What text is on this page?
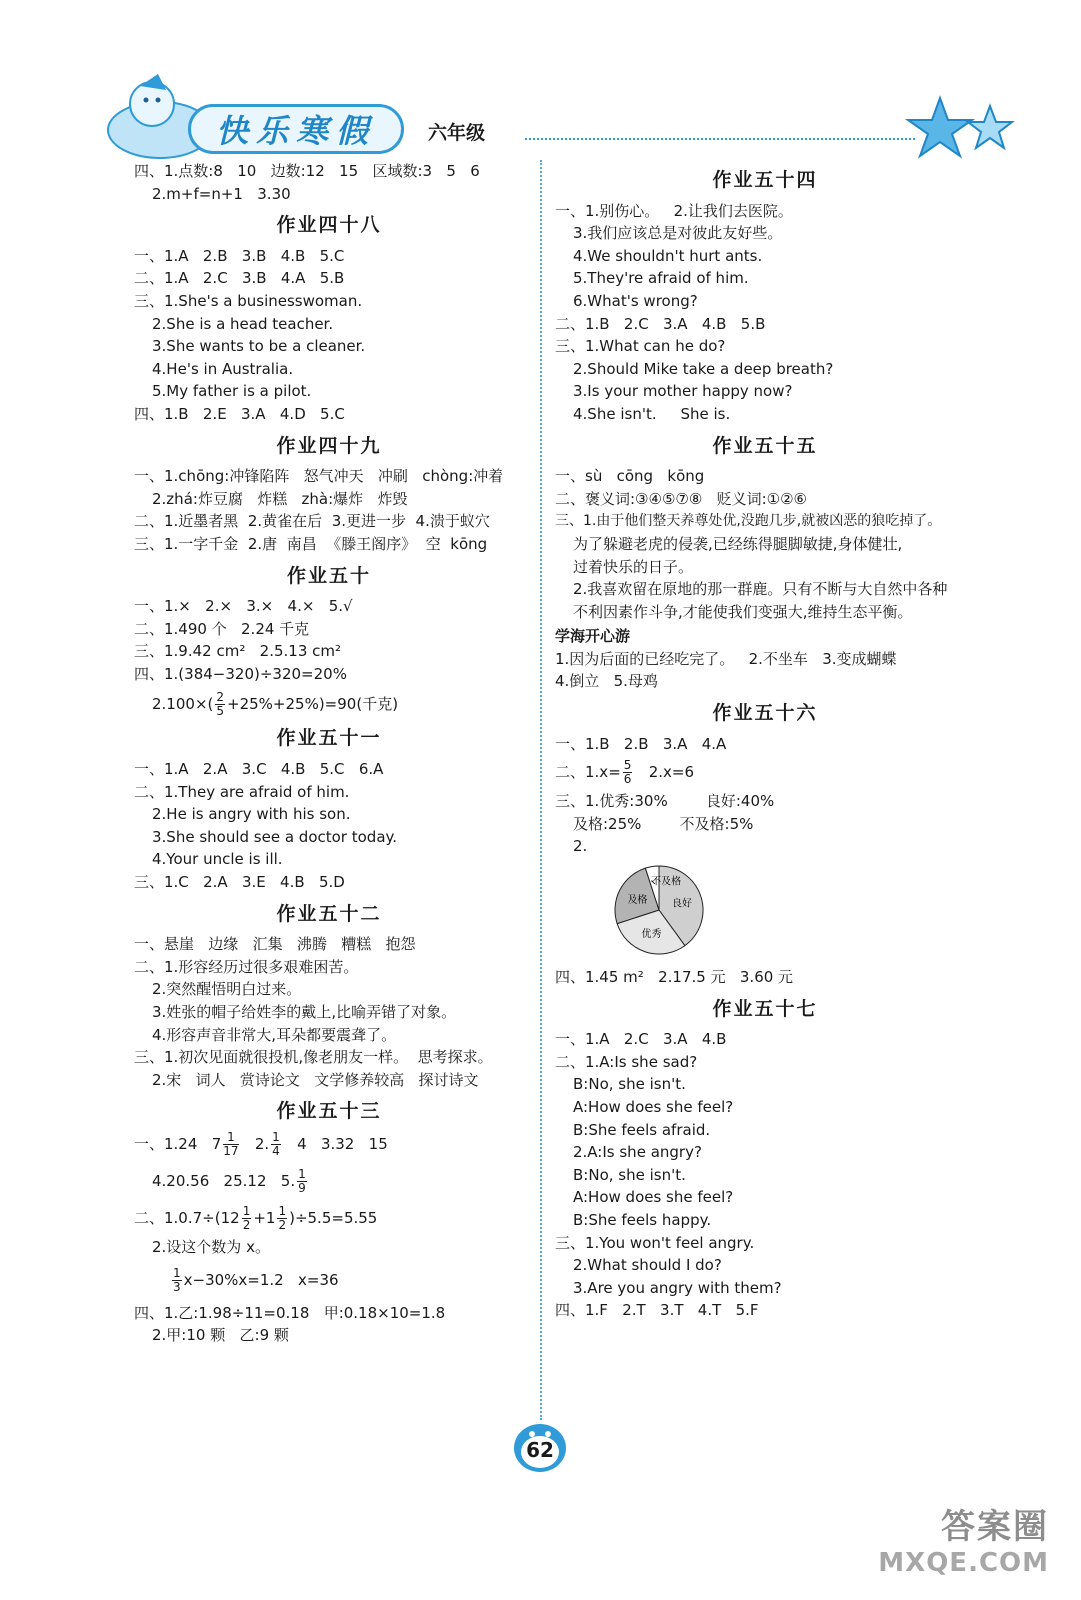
快乐寒假	六年级

四、1.点数:8   10   边数:12   15   区域数:3   5   6

2.m+f=n+1   3.30

作业四十八

一、1.A   2.B   3.B   4.B   5.C

二、1.A   2.C   3.B   4.A   5.B

三、1.She's a businesswoman.

2.She is a head teacher.

3.She wants to be a cleaner.

4.He's in Australia.

5.My father is a pilot.

四、1.B   2.E   3.A   4.D   5.C

作业四十九

一、1.chōng:冲锋陷阵   怒气冲天   冲刷   chòng:冲着

2.zhá:炸豆腐   炸糕   zhà:爆炸   炸毁

二、1.近墨者黑  2.黄雀在后  3.更进一步  4.溃于蚁穴

三、1.一字千金  2.唐  南昌  《滕王阁序》  空  kōng

作业五十

一、1.×   2.×   3.×   4.×   5.√

二、1.490 个   2.24 千克

三、1.9.42 cm²   2.5.13 cm²

四、1.(384−320)÷320=20%

$2.100\times( \frac{2}{5} +25\%+25\%)=90$(千克)

作业五十一

一、1.A   2.A   3.C   4.B   5.C   6.A

二、1.They are afraid of him.

2.He is angry with his son.

3.She should see a doctor today.

4.Your uncle is ill.

三、1.C   2.A   3.E   4.B   5.D

作业五十二

一、悬崖   边缘   汇集   沸腾   糟糕   抱怨

二、1.形容经历过很多艰难困苦。

2.突然醒悟明白过来。

3.姓张的帽子给姓李的戴上,比喻弄错了对象。

4.形容声音非常大,耳朵都要震聋了。

三、1.初次见面就很投机,像老朋友一样。  思考探求。

2.宋   词人   赏诗论文   文学修养较高   探讨诗文

作业五十三

一、1.24   $7 \frac{1}{17} 2$. $\frac{1}{4} 4$   3.32   15

4.20.56   25.12   5. $\frac{1}{9}$

二、$1.0.7\div(12 \frac{1}{2} +1 \frac{1}{2} )\div 5.5=5.55$

2.设这个数为 x。

$\frac{1}{3} x-30\%x=1.2$   x=36

四、1.乙:1.98÷11=0.18   甲:0.18×10=1.8

2.甲:10 颗   乙:9 颗

作业五十四

一、1.别伤心。   2.让我们去医院。

3.我们应该总是对彼此友好些。

4.We shouldn't hurt ants.

5.They're afraid of him.

6.What's wrong?

二、1.B   2.C   3.A   4.B   5.B

三、1.What can he do?

2.Should Mike take a deep breath?

3.Is your mother happy now?

4.She isn't.     She is.

作业五十五

一、sù   cōng   kōng

二、褒义词:③④⑤⑦⑧   贬义词:①②⑥

三、1.由于他们整天养尊处优,没跑几步,就被凶恶的狼吃掉了。

为了躲避老虎的侵袭,已经练得腿脚敏捷,身体健壮,

过着快乐的日子。

2.我喜欢留在原地的那一群鹿。只有不断与大自然中各种

不利因素作斗争,才能使我们变强大,维持生态平衡。

学海开心游

1.因为后面的已经吃完了。   2.不坐车   3.变成蝴蝶

4.倒立   5.母鸡

作业五十六

一、1.B   2.B   3.A   4.A

二、$1.x= \frac{5}{6} 2.x=6$

三、1.优秀:30%        良好:40%

及格:25%        不及格:5%

2.

良好
优秀
及格
不及格

四、1.45 m²   2.17.5 元   3.60 元

作业五十七

一、1.A   2.C   3.A   4.B

二、1.A:Is she sad?

B:No, she isn't.

A:How does she feel?

B:She feels afraid.

2.A:Is she angry?

B:No, she isn't.

A:How does she feel?

B:She feels happy.

三、1.You won't feel angry.

2.What should I do?

3.Are you angry with them?

四、1.F   2.T   3.T   4.T   5.F

62
答案圈
MXQE.COM
